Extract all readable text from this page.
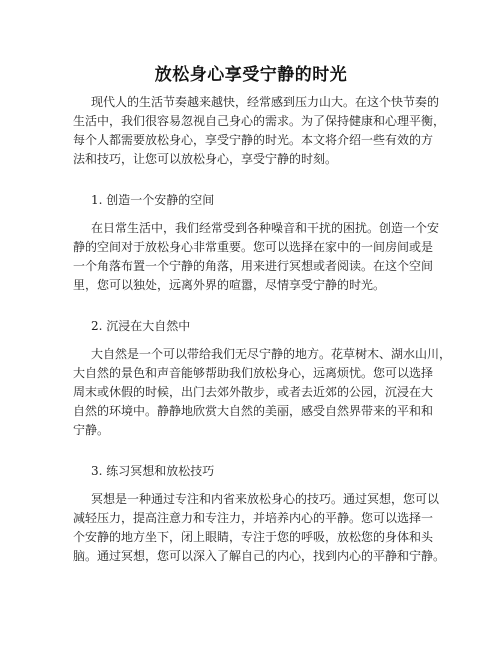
放松身心享受宁静的时光
现代人的生活节奏越来越快，经常感到压力山大。在这个快节奏的
生活中，我们很容易忽视自己身心的需求。为了保持健康和心理平衡，
每个人都需要放松身心，享受宁静的时光。本文将介绍一些有效的方
法和技巧，让您可以放松身心，享受宁静的时刻。
1. 创造一个安静的空间
在日常生活中，我们经常受到各种噪音和干扰的困扰。创造一个安
静的空间对于放松身心非常重要。您可以选择在家中的一间房间或是
一个角落布置一个宁静的角落，用来进行冥想或者阅读。在这个空间
里，您可以独处，远离外界的喧嚣，尽情享受宁静的时光。
2. 沉浸在大自然中
大自然是一个可以带给我们无尽宁静的地方。花草树木、湖水山川，
大自然的景色和声音能够帮助我们放松身心，远离烦忧。您可以选择
周末或休假的时候，出门去郊外散步，或者去近郊的公园，沉浸在大
自然的环境中。静静地欣赏大自然的美丽，感受自然界带来的平和和
宁静。
3. 练习冥想和放松技巧
冥想是一种通过专注和内省来放松身心的技巧。通过冥想，您可以
减轻压力，提高注意力和专注力，并培养内心的平静。您可以选择一
个安静的地方坐下，闭上眼睛，专注于您的呼吸，放松您的身体和头
脑。通过冥想，您可以深入了解自己的内心，找到内心的平静和宁静。
